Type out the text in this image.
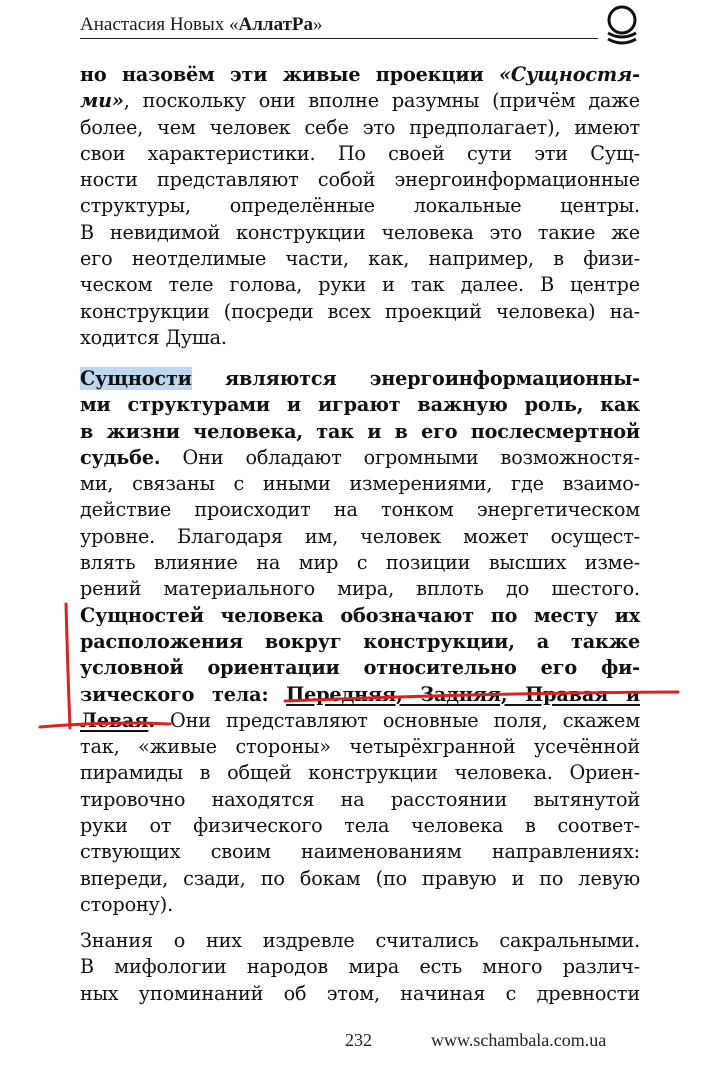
Анастасия Новых «АллатРа»
но назовём эти живые проекции «Сущностя-
ми», поскольку они вполне разумны (причём даже
более, чем человек себе это предполагает), имеют
свои характеристики. По своей сути эти Сущ-
ности представляют собой энергоинформационные
структуры, определённые локальные центры.
В невидимой конструкции человека это такие же
его неотделимые части, как, например, в физи-
ческом теле голова, руки и так далее. В центре
конструкции (посреди всех проекций человека) на-
ходится Душа.
Сущности являются энергоинформационны-
ми структурами и играют важную роль, как
в жизни человека, так и в его послесмертной
судьбе. Они обладают огромными возможностя-
ми, связаны с иными измерениями, где взаимо-
действие происходит на тонком энергетическом
уровне. Благодаря им, человек может осущест-
влять влияние на мир с позиции высших изме-
рений материального мира, вплоть до шестого.
Сущностей человека обозначают по месту их
расположения вокруг конструкции, а также
условной ориентации относительно его фи-
зического тела: Передняя, Задняя, Правая и
Левая. Они представляют основные поля, скажем
так, «живые стороны» четырёхгранной усечённой
пирамиды в общей конструкции человека. Ориен-
тировочно находятся на расстоянии вытянутой
руки от физического тела человека в соответ-
ствующих своим наименованиям направлениях:
впереди, сзади, по бокам (по правую и по левую
сторону).
Знания о них издревле считались сакральными.
В мифологии народов мира есть много различ-
ных упоминаний об этом, начиная с древности
232	www.schambala.com.ua
